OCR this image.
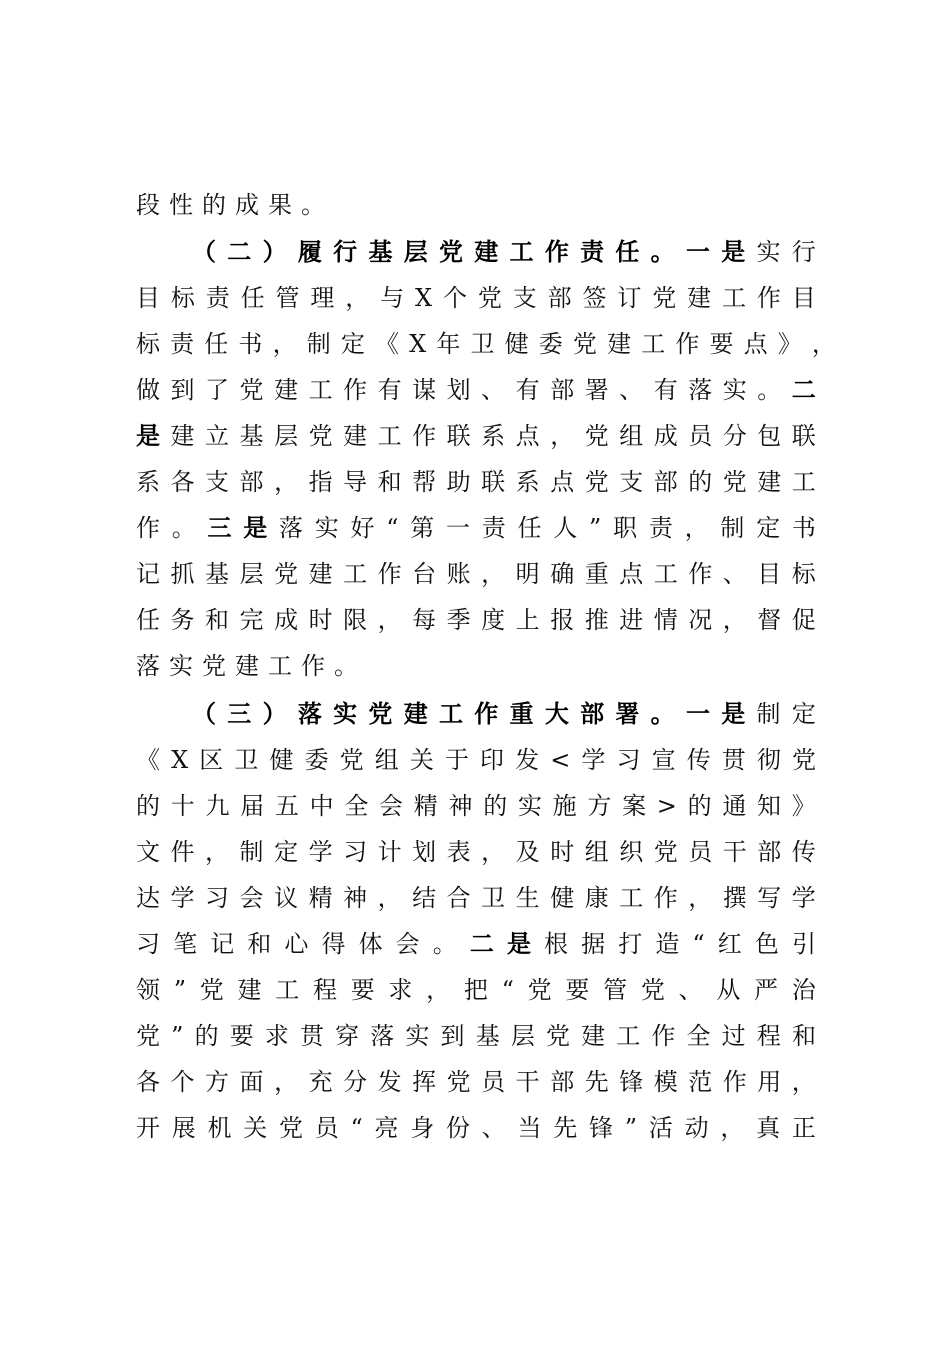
段性的成果。
（ 二 ） 履 行 基 层 党 建 工 作 责 任 。 一 是 实 行
目 标 责 任 管 理 ， 与 X 个 党 支 部 签 订 党 建 工 作 目
标 责 任 书 ， 制 定 《 X 年 卫 健 委 党 建 工 作 要 点 》 ，
做 到 了 党 建 工 作 有 谋 划 、 有 部 署 、 有 落 实 。 二
是 建 立 基 层 党 建 工 作 联 系 点 ， 党 组 成 员 分 包 联
系 各 支 部 ， 指 导 和 帮 助 联 系 点 党 支 部 的 党 建 工
作 。 三 是 落 实 好 “ 第 一 责 任 人 ” 职 责 ， 制 定 书
记 抓 基 层 党 建 工 作 台 账 ， 明 确 重 点 工 作 、 目 标
任 务 和 完 成 时 限 ， 每 季 度 上 报 推 进 情 况 ， 督 促
落实党建工作。
（ 三 ） 落 实 党 建 工 作 重 大 部 署 。 一 是 制 定
《 X 区 卫 健 委 党 组 关 于 印 发 < 学 习 宣 传 贯 彻 党
的 十 九 届 五 中 全 会 精 神 的 实 施 方 案 > 的 通 知 》
文 件 ， 制 定 学 习 计 划 表 ， 及 时 组 织 党 员 干 部 传
达 学 习 会 议 精 神 ， 结 合 卫 生 健 康 工 作 ， 撰 写 学
习 笔 记 和 心 得 体 会 。 二 是 根 据 打 造 “ 红 色 引
领 ” 党 建 工 程 要 求 ， 把 “ 党 要 管 党 、 从 严 治
党 ” 的 要 求 贯 穿 落 实 到 基 层 党 建 工 作 全 过 程 和
各 个 方 面 ， 充 分 发 挥 党 员 干 部 先 锋 模 范 作 用 ，
开 展 机 关 党 员 “ 亮 身 份 、 当 先 锋 ” 活 动 ， 真 正
